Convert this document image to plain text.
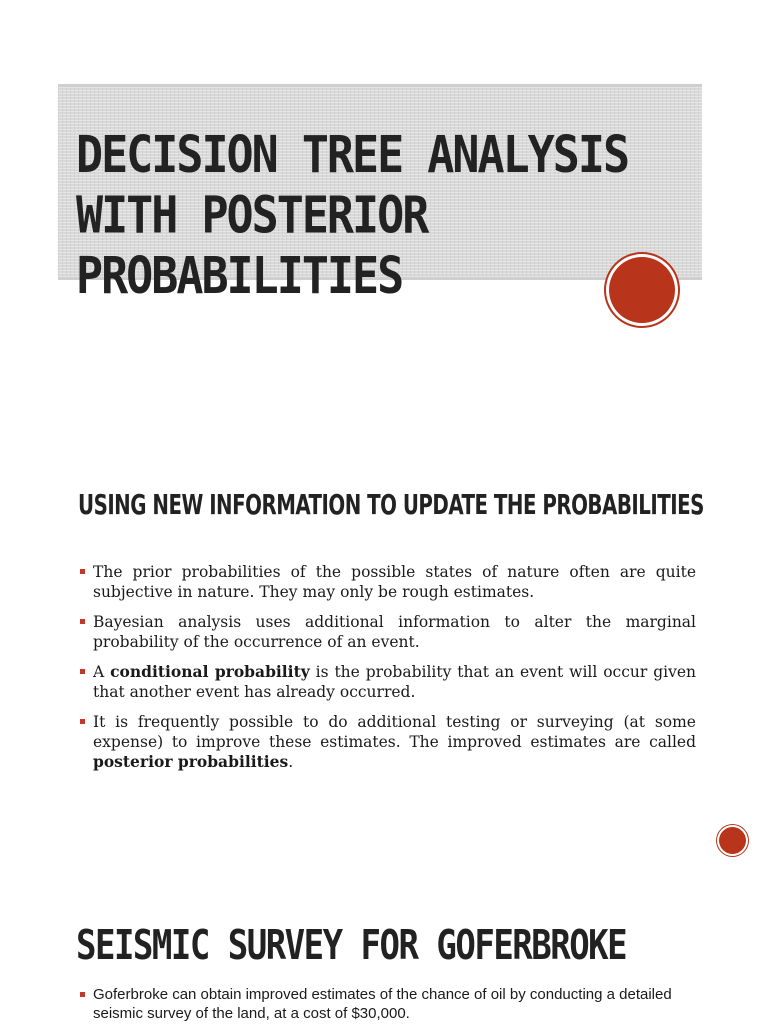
DECISION TREE ANALYSIS
WITH POSTERIOR PROBABILITIES
USING NEW INFORMATION TO UPDATE THE PROBABILITIES
The prior probabilities of the possible states of nature often are quite subjective in nature. They may only be rough estimates.
Bayesian analysis uses additional information to alter the marginal probability of the occurrence of an event.
A conditional probability is the probability that an event will occur given that another event has already occurred.
It is frequently possible to do additional testing or surveying (at some expense) to improve these estimates. The improved estimates are called posterior probabilities.
SEISMIC SURVEY FOR GOFERBROKE
Goferbroke can obtain improved estimates of the chance of oil by conducting a detailed seismic survey of the land, at a cost of $30,000.
